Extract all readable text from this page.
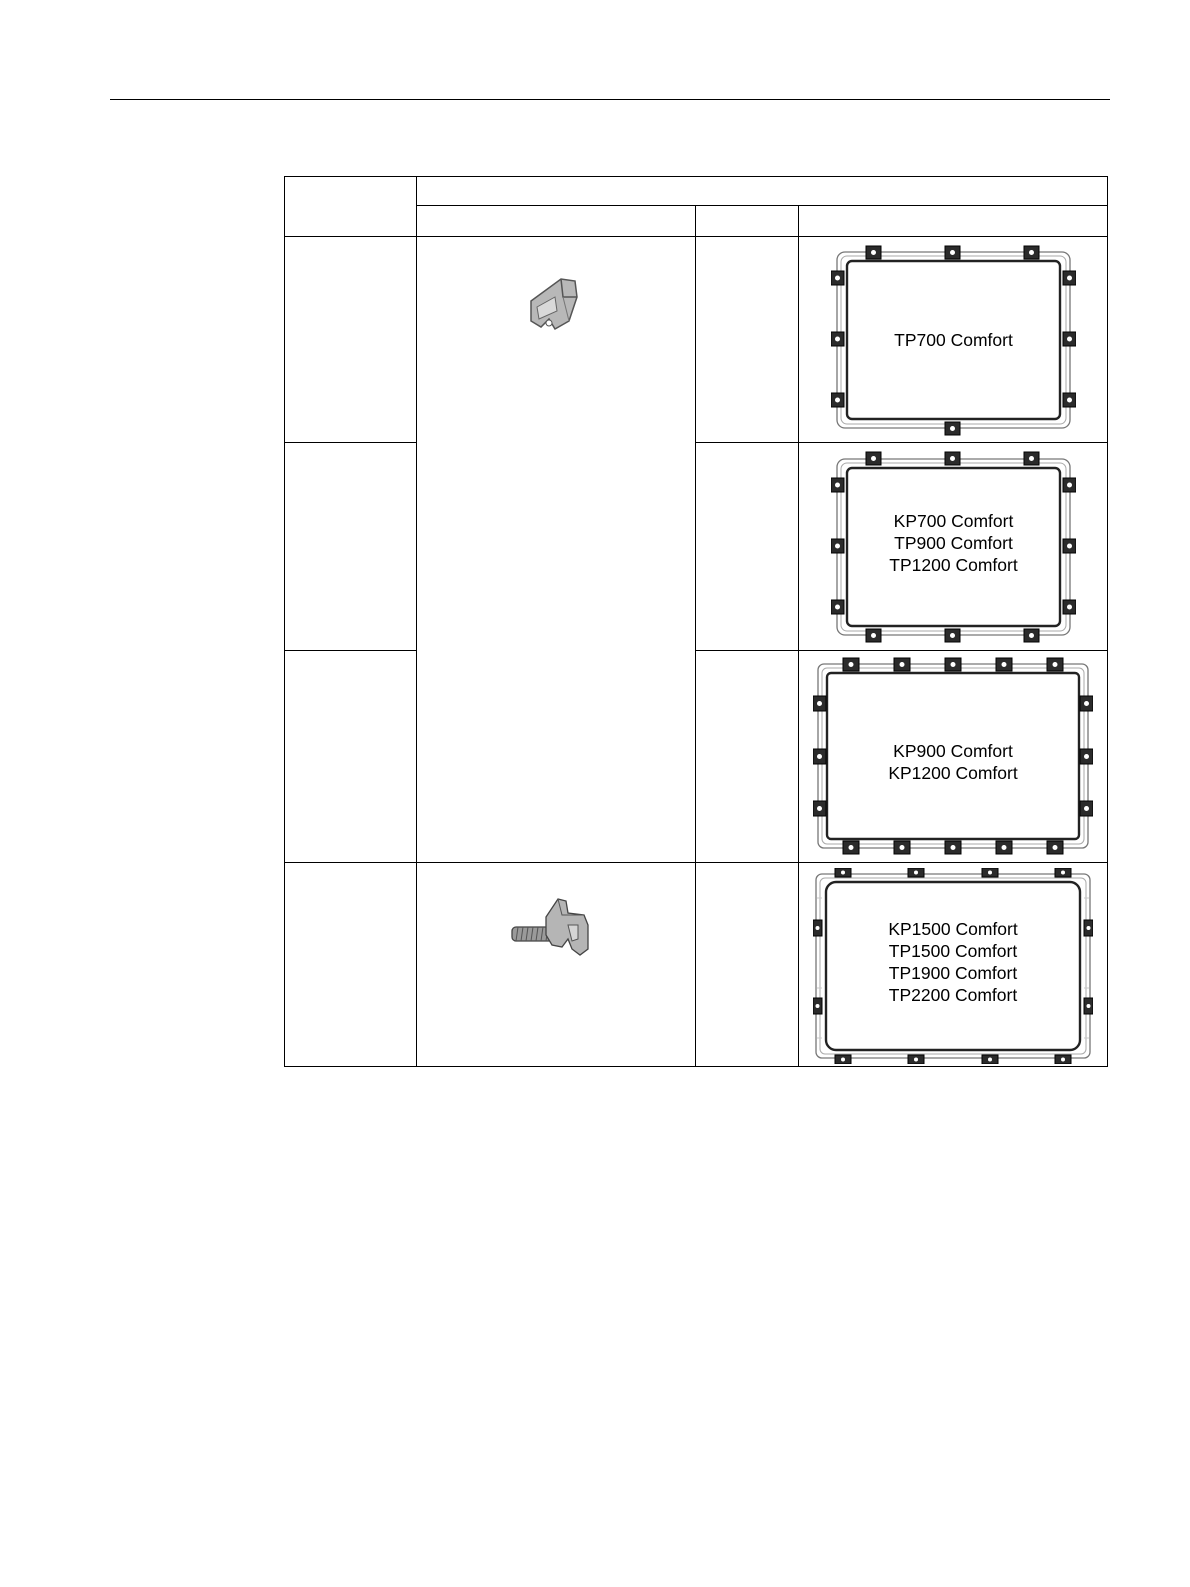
TP700 Comfort

KP700 Comfort
TP900 Comfort
TP1200 Comfort

KP900 Comfort
KP1200 Comfort

KP1500 Comfort
TP1500 Comfort
TP1900 Comfort
TP2200 Comfort
